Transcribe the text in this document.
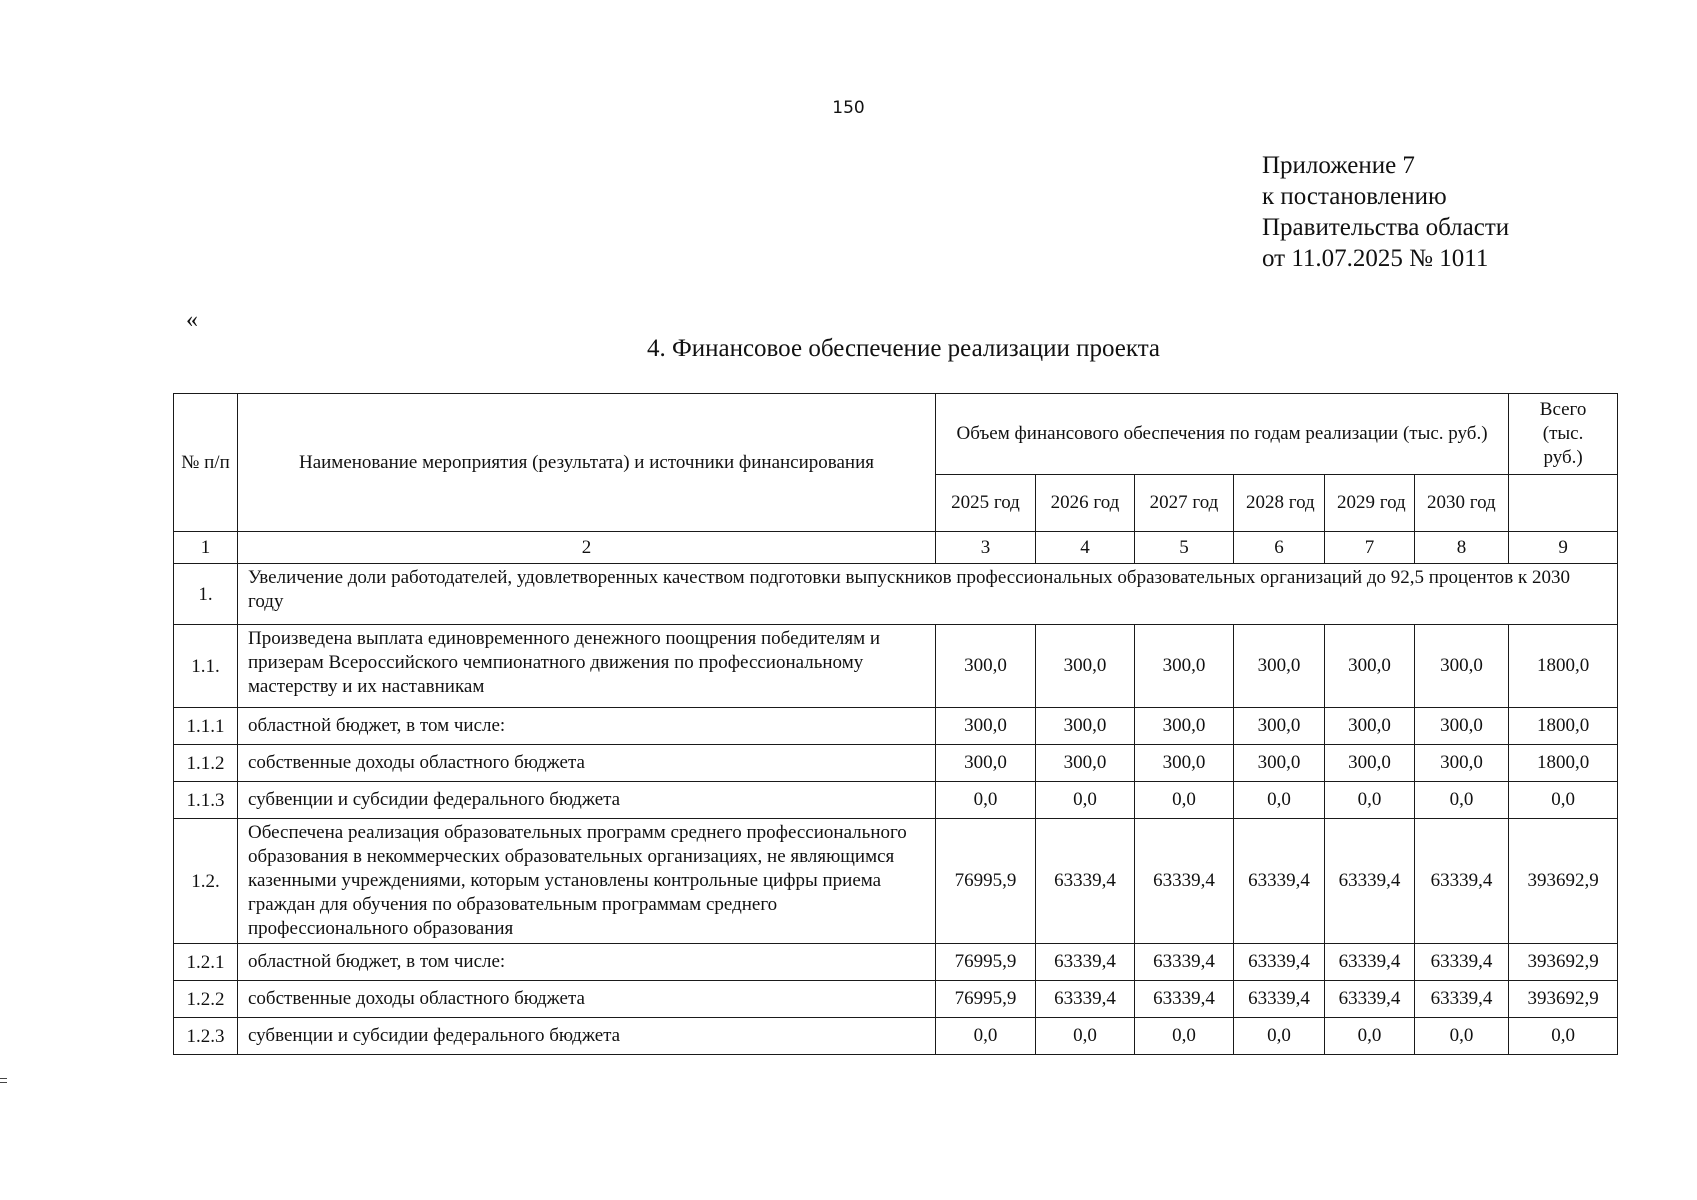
150
Приложение 7
к постановлению
Правительства области
от 11.07.2025 № 1011
«
4. Финансовое обеспечение реализации проекта
№ п/п	Наименование мероприятия (результата) и источники финансирования	Объем финансового обеспечения по годам реализации (тыс. руб.)						Всего (тыс. руб.)
		2025 год	2026 год	2027 год	2028 год	2029 год	2030 год	
1	2	3	4	5	6	7	8	9
1.	Увеличение доли работодателей, удовлетворенных качеством подготовки выпускников профессиональных образовательных организаций до 92,5 процентов к 2030 году							
1.1.	Произведена выплата единовременного денежного поощрения победителям и призерам Всероссийского чемпионатного движения по профессиональному мастерству и их наставникам	300,0	300,0	300,0	300,0	300,0	300,0	1800,0
1.1.1	областной бюджет, в том числе:	300,0	300,0	300,0	300,0	300,0	300,0	1800,0
1.1.2	собственные доходы областного бюджета	300,0	300,0	300,0	300,0	300,0	300,0	1800,0
1.1.3	субвенции и субсидии федерального бюджета	0,0	0,0	0,0	0,0	0,0	0,0	0,0
1.2.	Обеспечена реализация образовательных программ среднего профессионального образования в некоммерческих образовательных организациях, не являющимся казенными учреждениями, которым установлены контрольные цифры приема граждан для обучения по образовательным программам среднего профессионального образования	76995,9	63339,4	63339,4	63339,4	63339,4	63339,4	393692,9
1.2.1	областной бюджет, в том числе:	76995,9	63339,4	63339,4	63339,4	63339,4	63339,4	393692,9
1.2.2	собственные доходы областного бюджета	76995,9	63339,4	63339,4	63339,4	63339,4	63339,4	393692,9
1.2.3	субвенции и субсидии федерального бюджета	0,0	0,0	0,0	0,0	0,0	0,0	0,0
